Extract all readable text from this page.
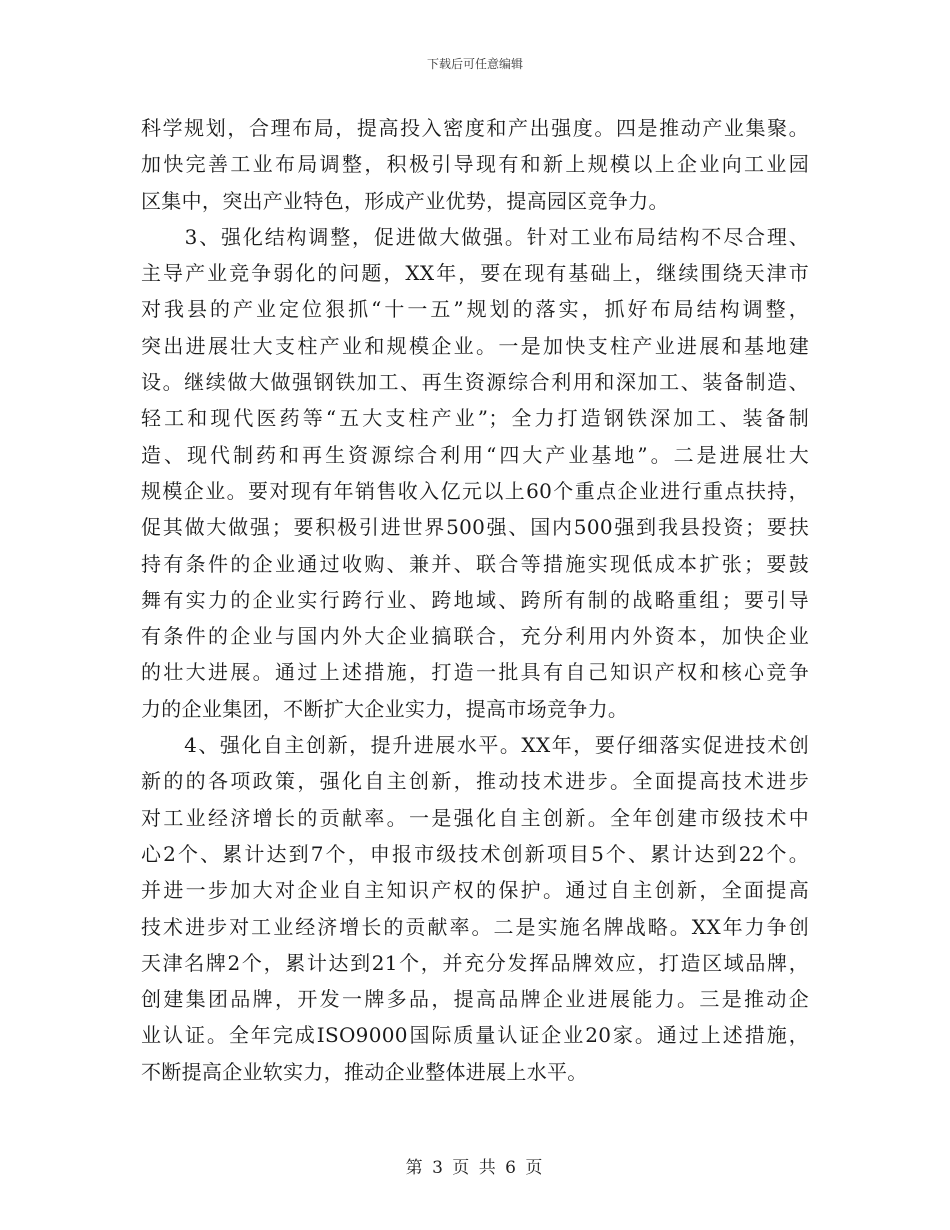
下载后可任意编辑
科学规划，合理布局，提高投入密度和产出强度。四是推动产业集聚。
加快完善工业布局调整，积极引导现有和新上规模以上企业向工业园
区集中，突出产业特色，形成产业优势，提高园区竞争力。
　　3、强化结构调整，促进做大做强。针对工业布局结构不尽合理、
主导产业竞争弱化的问题，XX年，要在现有基础上，继续围绕天津市
对我县的产业定位狠抓“十一五”规划的落实，抓好布局结构调整，
突出进展壮大支柱产业和规模企业。一是加快支柱产业进展和基地建
设。继续做大做强钢铁加工、再生资源综合利用和深加工、装备制造、
轻工和现代医药等“五大支柱产业”；全力打造钢铁深加工、装备制
造、现代制药和再生资源综合利用“四大产业基地”。二是进展壮大
规模企业。要对现有年销售收入亿元以上60个重点企业进行重点扶持，
促其做大做强；要积极引进世界500强、国内500强到我县投资；要扶
持有条件的企业通过收购、兼并、联合等措施实现低成本扩张；要鼓
舞有实力的企业实行跨行业、跨地域、跨所有制的战略重组；要引导
有条件的企业与国内外大企业搞联合，充分利用内外资本，加快企业
的壮大进展。通过上述措施，打造一批具有自己知识产权和核心竞争
力的企业集团，不断扩大企业实力，提高市场竞争力。
　　4、强化自主创新，提升进展水平。XX年，要仔细落实促进技术创
新的的各项政策，强化自主创新，推动技术进步。全面提高技术进步
对工业经济增长的贡献率。一是强化自主创新。全年创建市级技术中
心2个、累计达到7个，申报市级技术创新项目5个、累计达到22个。
并进一步加大对企业自主知识产权的保护。通过自主创新，全面提高
技术进步对工业经济增长的贡献率。二是实施名牌战略。XX年力争创
天津名牌2个，累计达到21个，并充分发挥品牌效应，打造区域品牌，
创建集团品牌，开发一牌多品，提高品牌企业进展能力。三是推动企
业认证。全年完成ISO9000国际质量认证企业20家。通过上述措施，
不断提高企业软实力，推动企业整体进展上水平。
第 3 页 共 6 页
